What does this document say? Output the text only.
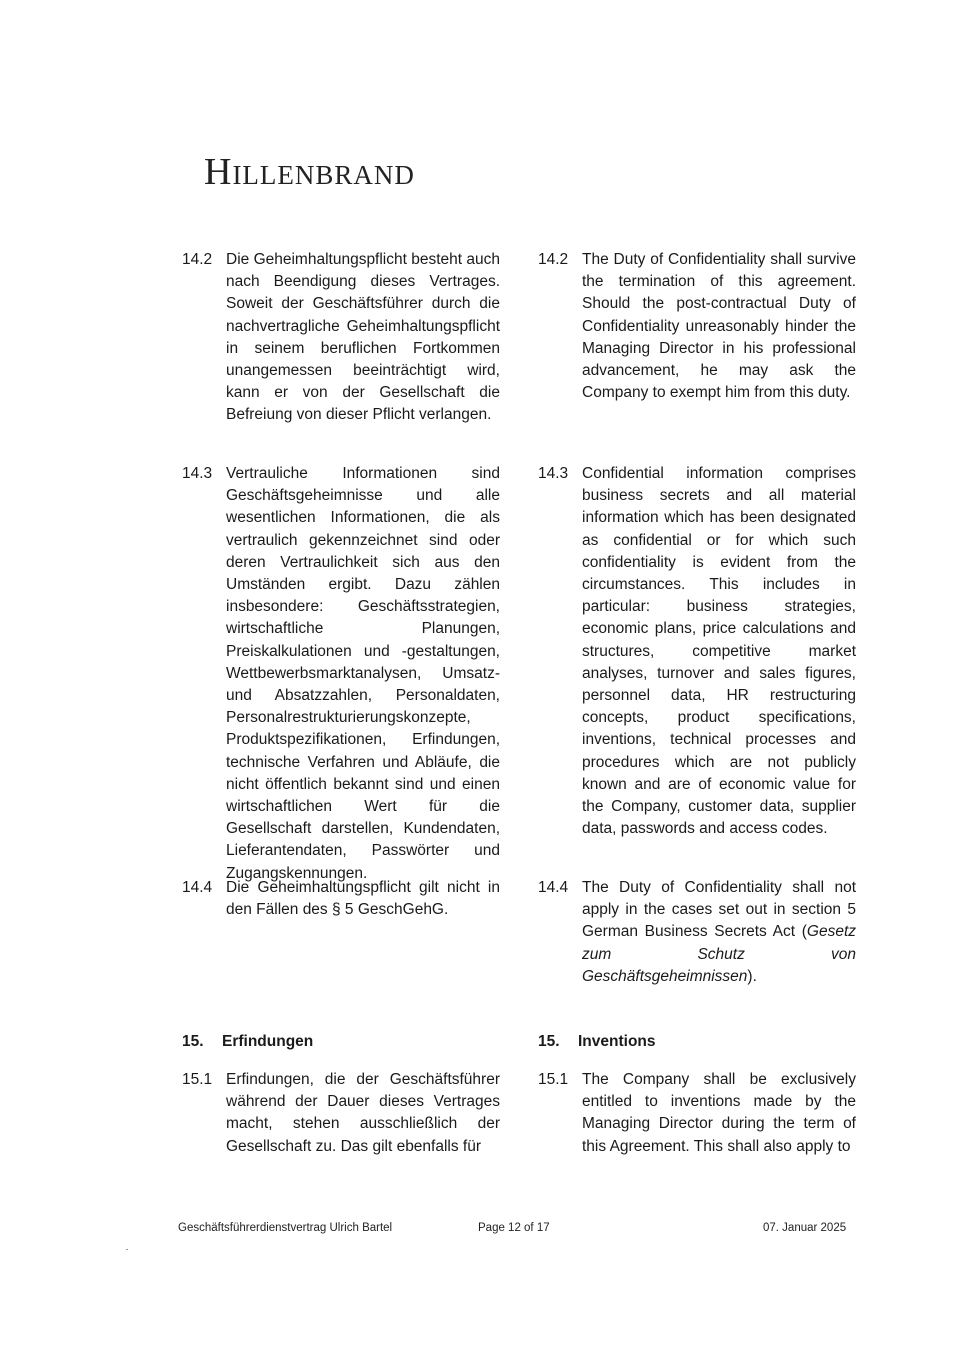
Hillenbrand
14.2 Die Geheimhaltungspflicht besteht auch nach Beendigung dieses Vertrages. Soweit der Geschäftsführer durch die nachvertragliche Geheimhaltungspflicht in seinem beruflichen Fortkommen unangemessen beeinträchtigt wird, kann er von der Gesellschaft die Befreiung von dieser Pflicht verlangen.
14.3 Vertrauliche Informationen sind Geschäftsgeheimnisse und alle wesentlichen Informationen, die als vertraulich gekennzeichnet sind oder deren Vertraulichkeit sich aus den Umständen ergibt. Dazu zählen insbesondere: Geschäftsstrategien, wirtschaftliche Planungen, Preiskalkulationen und -gestaltungen, Wettbewerbsmarktanalysen, Umsatz- und Absatzzahlen, Personaldaten, Personalrestrukturierungskonzepte, Produktspezifikationen, Erfindungen, technische Verfahren und Abläufe, die nicht öffentlich bekannt sind und einen wirtschaftlichen Wert für die Gesellschaft darstellen, Kundendaten, Lieferantendaten, Passwörter und Zugangskennungen.
14.4 Die Geheimhaltungspflicht gilt nicht in den Fällen des § 5 GeschGehG.
15. Erfindungen
15.1 Erfindungen, die der Geschäftsführer während der Dauer dieses Vertrages macht, stehen ausschließlich der Gesellschaft zu. Das gilt ebenfalls für
14.2 The Duty of Confidentiality shall survive the termination of this agreement. Should the post-contractual Duty of Confidentiality unreasonably hinder the Managing Director in his professional advancement, he may ask the Company to exempt him from this duty.
14.3 Confidential information comprises business secrets and all material information which has been designated as confidential or for which such confidentiality is evident from the circumstances. This includes in particular: business strategies, economic plans, price calculations and structures, competitive market analyses, turnover and sales figures, personnel data, HR restructuring concepts, product specifications, inventions, technical processes and procedures which are not publicly known and are of economic value for the Company, customer data, supplier data, passwords and access codes.
14.4 The Duty of Confidentiality shall not apply in the cases set out in section 5 German Business Secrets Act (Gesetz zum Schutz von Geschäftsgeheimnissen).
15. Inventions
15.1 The Company shall be exclusively entitled to inventions made by the Managing Director during the term of this Agreement. This shall also apply to
Geschäftsführerdienstvertrag Ulrich Bartel	Page 12 of 17	07. Januar 2025
